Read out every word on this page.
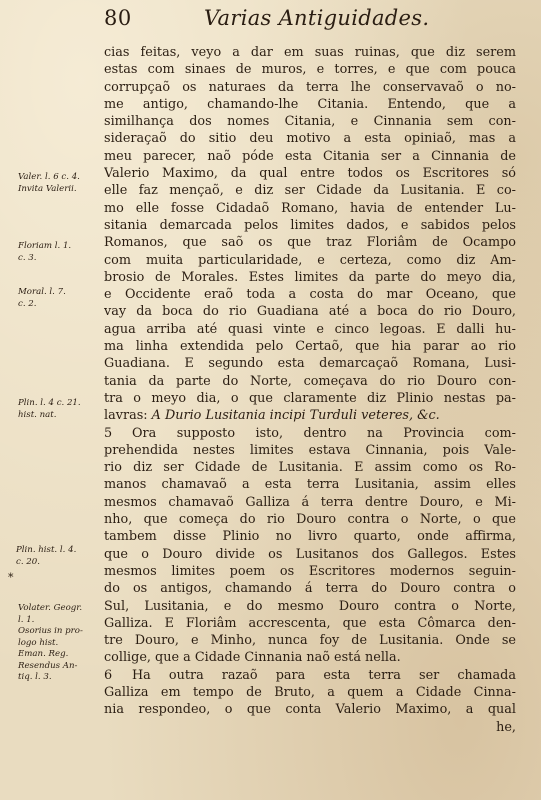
80	Varias Antiguidades.
Valer. l. 6 c. 4.
Invita Valerii.
Floriam l. 1.
c. 3.
Moral. l. 7.
c. 2.
Plin. l. 4 c. 21.
hist. nat.
Plin. hist. l. 4.
c. 20.
Volater. Geogr.
l. 1.
Osorius in pro-
logo hist.
Eman. Reg.
Resendus An-
tiq. l. 3.
*
cias feitas, veyo a dar em suas ruinas, que diz serem
estas com sinaes de muros, e torres, e que com pouca
corrupçaõ os naturaes da terra lhe conservavaõ o no-
me antigo, chamando-lhe Citania. Entendo, que a
similhança dos nomes Citania, e Cinnania sem con-
sideraçaõ do sitio deu motivo a esta opiniaõ, mas a
meu parecer, naõ póde esta Citania ser a Cinnania de
Valerio Maximo, da qual entre todos os Escritores só
elle faz mençaõ, e diz ser Cidade da Lusitania. E co-
mo elle fosse Cidadaõ Romano, havia de entender Lu-
sitania demarcada pelos limites dados, e sabidos pelos
Romanos, que saõ os que traz Floriâm de Ocampo
com muita particularidade, e certeza, como diz Am-
brosio de Morales. Estes limites da parte do meyo dia,
e Occidente eraõ toda a costa do mar Oceano, que
vay da boca do rio Guadiana até a boca do rio Douro,
agua arriba até quasi vinte e cinco legoas. E dalli hu-
ma linha extendida pelo Certaõ, que hia parar ao rio
Guadiana. E segundo esta demarcaçaõ Romana, Lusi-
tania da parte do Norte, começava do rio Douro con-
tra o meyo dia, o que claramente diz Plinio nestas pa-
lavras: A Durio Lusitania incipi Turduli veteres, &c.
5 Ora supposto isto, dentro na Provincia com-
prehendida nestes limites estava Cinnania, pois Vale-
rio diz ser Cidade de Lusitania. E assim como os Ro-
manos chamavaõ a esta terra Lusitania, assim elles
mesmos chamavaõ Galliza á terra dentre Douro, e Mi-
nho, que começa do rio Douro contra o Norte, o que
tambem disse Plinio no livro quarto, onde affirma,
que o Douro divide os Lusitanos dos Gallegos. Estes
mesmos limites poem os Escritores modernos seguin-
do os antigos, chamando á terra do Douro contra o
Sul, Lusitania, e do mesmo Douro contra o Norte,
Galliza. E Floriâm accrescenta, que esta Cômarca den-
tre Douro, e Minho, nunca foy de Lusitania. Onde se
collige, que a Cidade Cinnania naõ está nella.
6 Ha outra razaõ para esta terra ser chamada
Galliza em tempo de Bruto, a quem a Cidade Cinna-
nia respondeo, o que conta Valerio Maximo, a qual
he,
